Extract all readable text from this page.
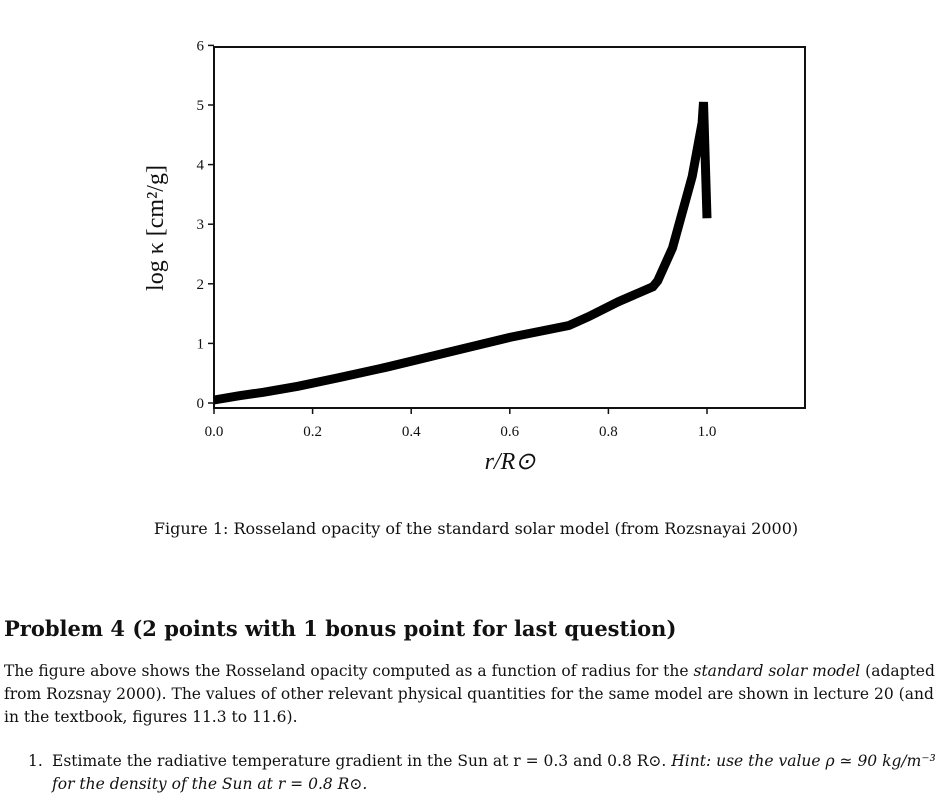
0.0	0.2	0.4	0.6	0.8	1.0
0
1
2
3
4
5
6
r/R⊙
log κ [cm²/g]
Figure 1: Rosseland opacity of the standard solar model (from Rozsnayai 2000)
Problem 4 (2 points with 1 bonus point for last question)
The figure above shows the Rosseland opacity computed as a function of radius for the standard solar model (adapted from Rozsnay 2000). The values of other relevant physical quantities for the same model are shown in lecture 20 (and in the textbook, figures 11.3 to 11.6).
1. Estimate the radiative temperature gradient in the Sun at r = 0.3 and 0.8 R⊙. Hint: use the value ρ ≃ 90 kg/m⁻³ for the density of the Sun at r = 0.8 R⊙.
